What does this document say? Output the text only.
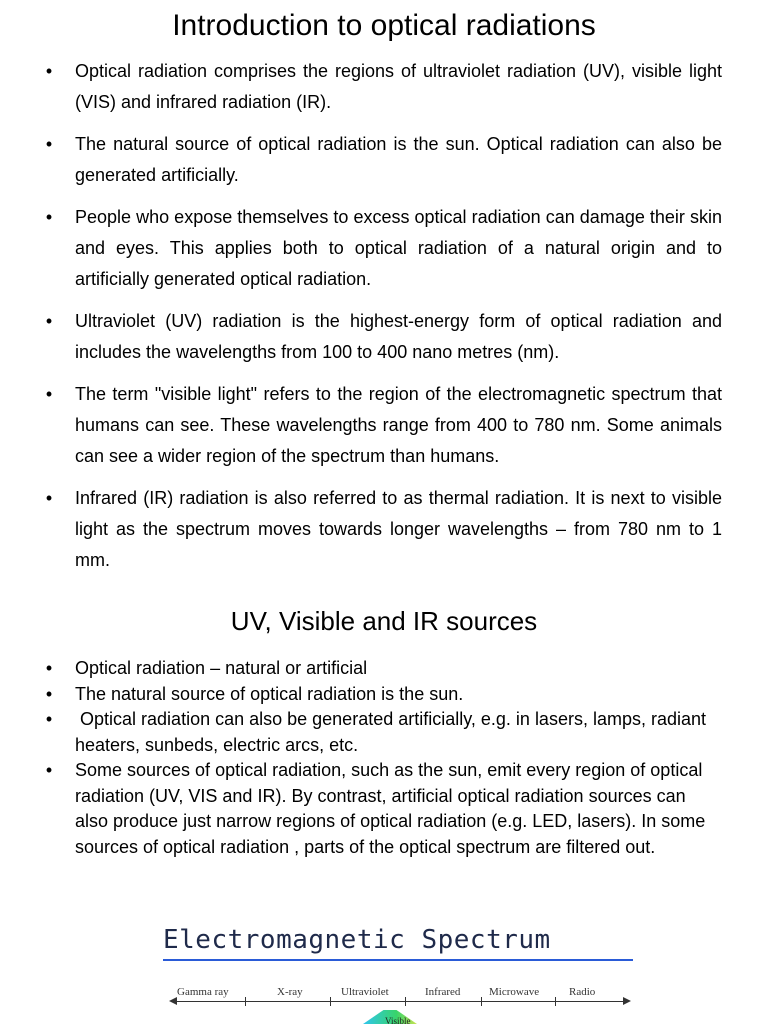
Introduction to optical radiations
•	Optical radiation comprises the regions of ultraviolet radiation (UV), visible light (VIS) and infrared radiation (IR).
•	The natural source of optical radiation is the sun. Optical radiation can also be generated artificially.
•	People who expose themselves to excess optical radiation can damage their skin and eyes. This applies both to optical radiation of a natural origin and to artificially generated optical radiation.
•	Ultraviolet (UV) radiation is the highest-energy form of optical radiation and includes the wavelengths from 100 to 400 nano metres (nm).
•	The term "visible light" refers to the region of the electromagnetic spectrum that humans can see. These wavelengths range from 400 to 780 nm. Some animals can see a wider region of the spectrum than humans.
•	Infrared (IR) radiation is also referred to as thermal radiation. It is next to visible light as the spectrum moves towards longer wavelengths – from 780 nm to 1 mm.
UV, Visible and IR sources
•	Optical radiation – natural or artificial
•	The natural source of optical radiation is the sun.
•	Optical radiation can also be generated artificially, e.g. in lasers, lamps, radiant heaters, sunbeds, electric arcs, etc.
•	Some sources of optical radiation, such as the sun, emit every region of optical radiation (UV, VIS and IR). By contrast, artificial optical radiation sources can also produce just narrow regions of optical radiation (e.g. LED, lasers). In some sources of optical radiation , parts of the optical spectrum are filtered out.
Electromagnetic Spectrum
Gamma ray	X-ray	Ultraviolet	Infrared	Microwave	Radio
Visible
